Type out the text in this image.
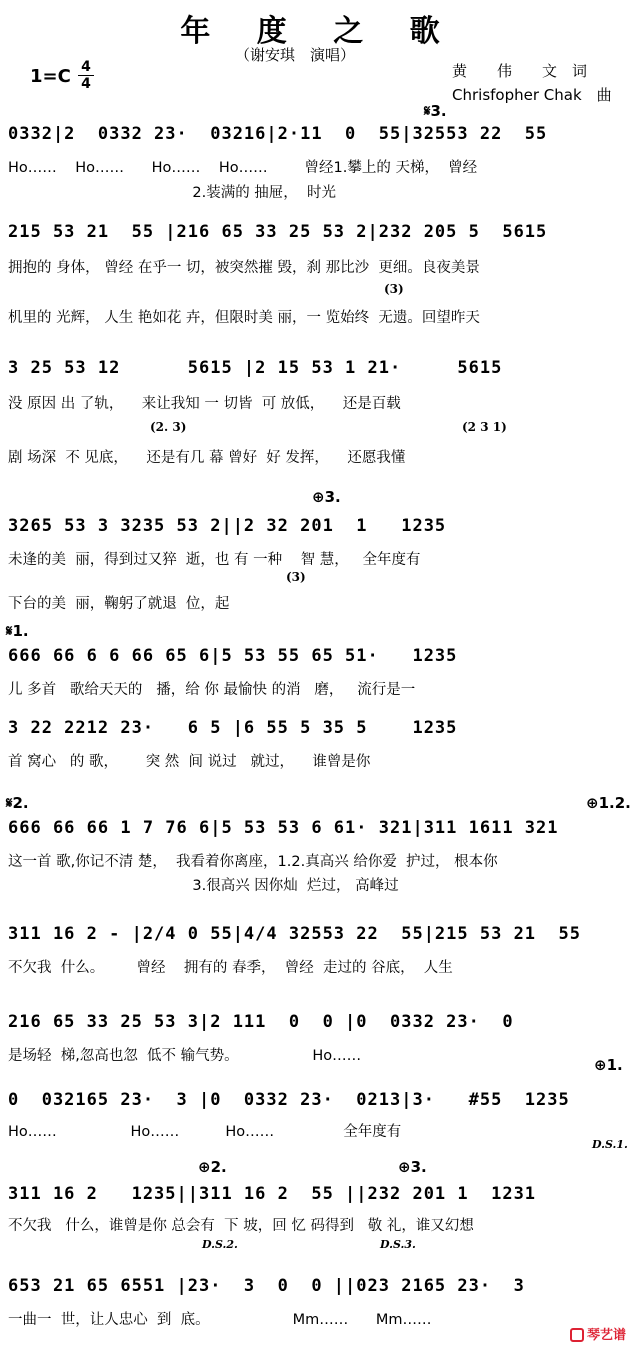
年 度 之 歌
（谢安琪　演唱）
1=C 4
4
黄　　伟　　文　词
Chrisfopher Chak　曲
𝄋3.
0332|2  0332 23·  03216|2·11  0  55|32553 22  55
Ho……    Ho……      Ho……    Ho……        曾经1.攀上的 天梯，  曾经
2.装满的 抽屉，  时光
215 53 21  55 |216 65 33 25 53 2|232 205 5  5615
拥抱的 身体， 曾经 在乎一 切，被突然摧 毁，刹 那比沙  更细。良夜美景
(3)
机里的 光辉， 人生 艳如花 卉，但限时美 丽，一 览始终  无遗。回望昨天
3 25 53 12      5615 |2 15 53 1 21·     5615
没 原因 出 了轨，    来让我知 一 切皆  可 放低，    还是百载
(2. 3)	(2 3 1)
剧 场深  不 见底，    还是有几 幕 曾好  好 发挥，    还愿我懂
⊕3.
3265 53 3 3235 53 2||2 32 201  1   1235
未逢的美  丽，得到过又猝  逝，也 有 一种    智 慧，   全年度有
(3)
下台的美  丽，鞠躬了就退  位，起
𝄋1.
666 66 6 6 66 65 6|5 53 55 65 51·   1235
儿 多首   歌给天天的   播，给 你 最愉快 的消   磨，   流行是一
3 22 2212 23·   6 5 |6 55 5 35 5    1235
首 窝心   的 歌，      突 然  间 说过   就过，    谁曾是你
𝄋2.	⊕1.2.
666 66 66 1 7 76 6|5 53 53 6 61· 321|311 1611 321
这一首 歌,你记不清 楚，  我看着你离座，1.2.真高兴 给你爱  护过， 根本你
3.很高兴 因你灿  烂过， 高峰过
311 16 2 - |2/4 0 55|4/4 32553 22  55|215 53 21  55
不欠我  什么。       曾经    拥有的 春季，  曾经  走过的 谷底，  人生
216 65 33 25 53 3|2 111  0  0 |0  0332 23·  0
是场轻  梯,忽高也忽  低不 输气势。                Ho……	⊕1.
0  032165 23·  3 |0  0332 23·  0213|3·   #55  1235
Ho……                Ho……          Ho……               全年度有
D.S.1.
⊕2.	⊕3.
311 16 2   1235||311 16 2  55 ||232 201 1  1231
不欠我   什么，谁曾是你 总会有  下 坡，回 忆 码得到   敬 礼，谁又幻想
D.S.2.	D.S.3.
653 21 65 6551 |23·  3  0  0 ||023 2165 23·  3
一曲一  世，让人忠心  到  底。                  Mm……      Mm……
琴艺谱
